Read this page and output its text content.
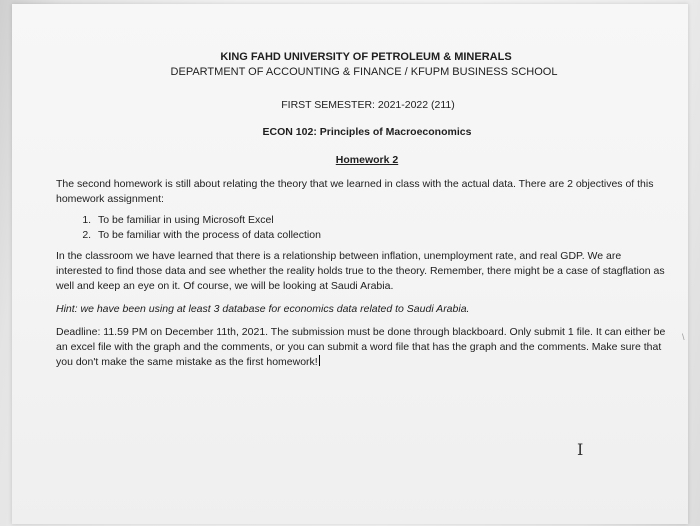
KING FAHD UNIVERSITY OF PETROLEUM & MINERALS
DEPARTMENT OF ACCOUNTING & FINANCE / KFUPM BUSINESS SCHOOL
FIRST SEMESTER: 2021-2022 (211)
ECON 102: Principles of Macroeconomics
Homework 2

The second homework is still about relating the theory that we learned in class with the actual data. There are 2 objectives of this homework assignment:

1. To be familiar in using Microsoft Excel
2. To be familiar with the process of data collection

In the classroom we have learned that there is a relationship between inflation, unemployment rate, and real GDP. We are interested to find those data and see whether the reality holds true to the theory. Remember, there might be a case of stagflation as well and keep an eye on it. Of course, we will be looking at Saudi Arabia.

Hint: we have been using at least 3 database for economics data related to Saudi Arabia.

Deadline: 11.59 PM on December 11th, 2021. The submission must be done through blackboard. Only submit 1 file. It can either be an excel file with the graph and the comments, or you can submit a word file that has the graph and the comments. Make sure that you don't make the same mistake as the first homework!

I
\
